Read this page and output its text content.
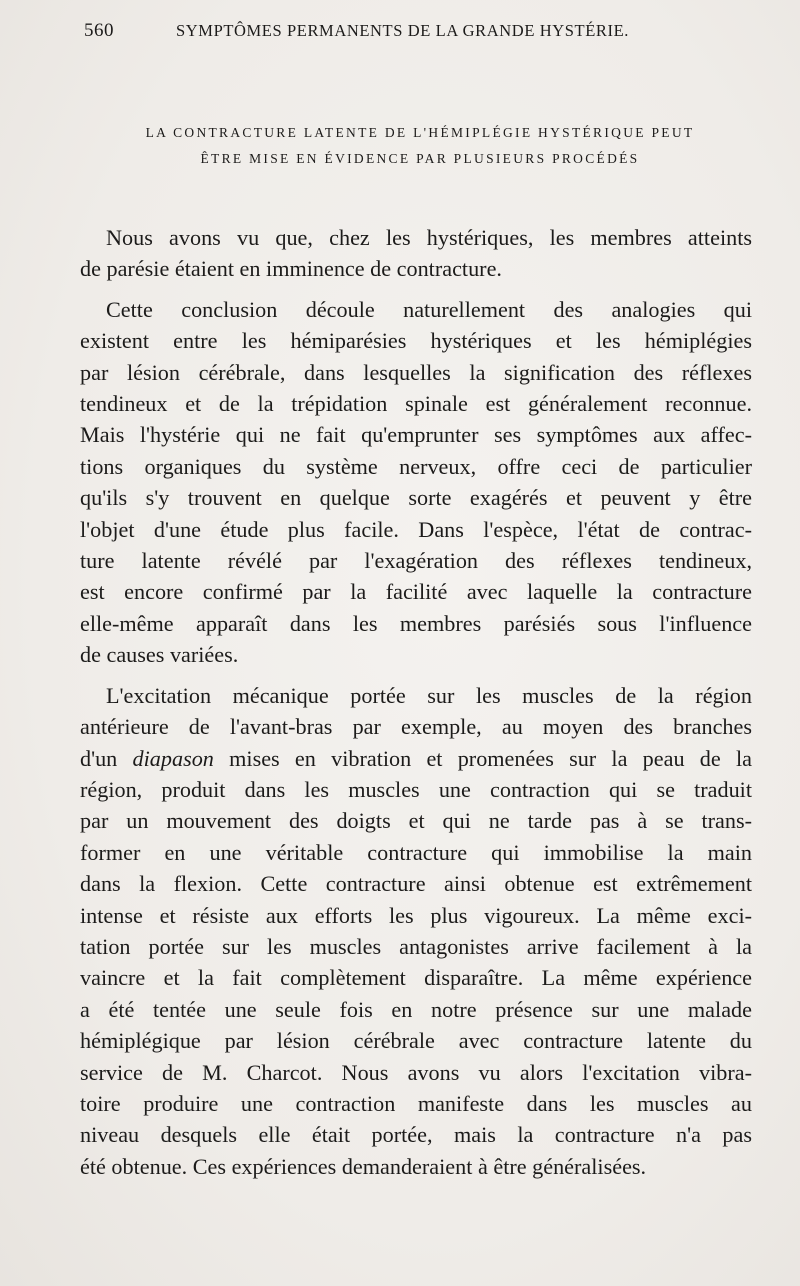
560	SYMPTÔMES PERMANENTS DE LA GRANDE HYSTÉRIE.
LA CONTRACTURE LATENTE DE L'HÉMIPLÉGIE HYSTÉRIQUE PEUT
ÊTRE MISE EN ÉVIDENCE PAR PLUSIEURS PROCÉDÉS

Nous avons vu que, chez les hystériques, les membres atteints
de parésie étaient en imminence de contracture.

Cette conclusion découle naturellement des analogies qui
existent entre les hémiparésies hystériques et les hémiplégies
par lésion cérébrale, dans lesquelles la signification des réflexes
tendineux et de la trépidation spinale est généralement reconnue.
Mais l'hystérie qui ne fait qu'emprunter ses symptômes aux affec-
tions organiques du système nerveux, offre ceci de particulier
qu'ils s'y trouvent en quelque sorte exagérés et peuvent y être
l'objet d'une étude plus facile. Dans l'espèce, l'état de contrac-
ture latente révélé par l'exagération des réflexes tendineux,
est encore confirmé par la facilité avec laquelle la contracture
elle-même apparaît dans les membres parésiés sous l'influence
de causes variées.

L'excitation mécanique portée sur les muscles de la région
antérieure de l'avant-bras par exemple, au moyen des branches
d'un diapason mises en vibration et promenées sur la peau de la
région, produit dans les muscles une contraction qui se traduit
par un mouvement des doigts et qui ne tarde pas à se trans-
former en une véritable contracture qui immobilise la main
dans la flexion. Cette contracture ainsi obtenue est extrêmement
intense et résiste aux efforts les plus vigoureux. La même exci-
tation portée sur les muscles antagonistes arrive facilement à la
vaincre et la fait complètement disparaître. La même expérience
a été tentée une seule fois en notre présence sur une malade
hémiplégique par lésion cérébrale avec contracture latente du
service de M. Charcot. Nous avons vu alors l'excitation vibra-
toire produire une contraction manifeste dans les muscles au
niveau desquels elle était portée, mais la contracture n'a pas
été obtenue. Ces expériences demanderaient à être généralisées.
